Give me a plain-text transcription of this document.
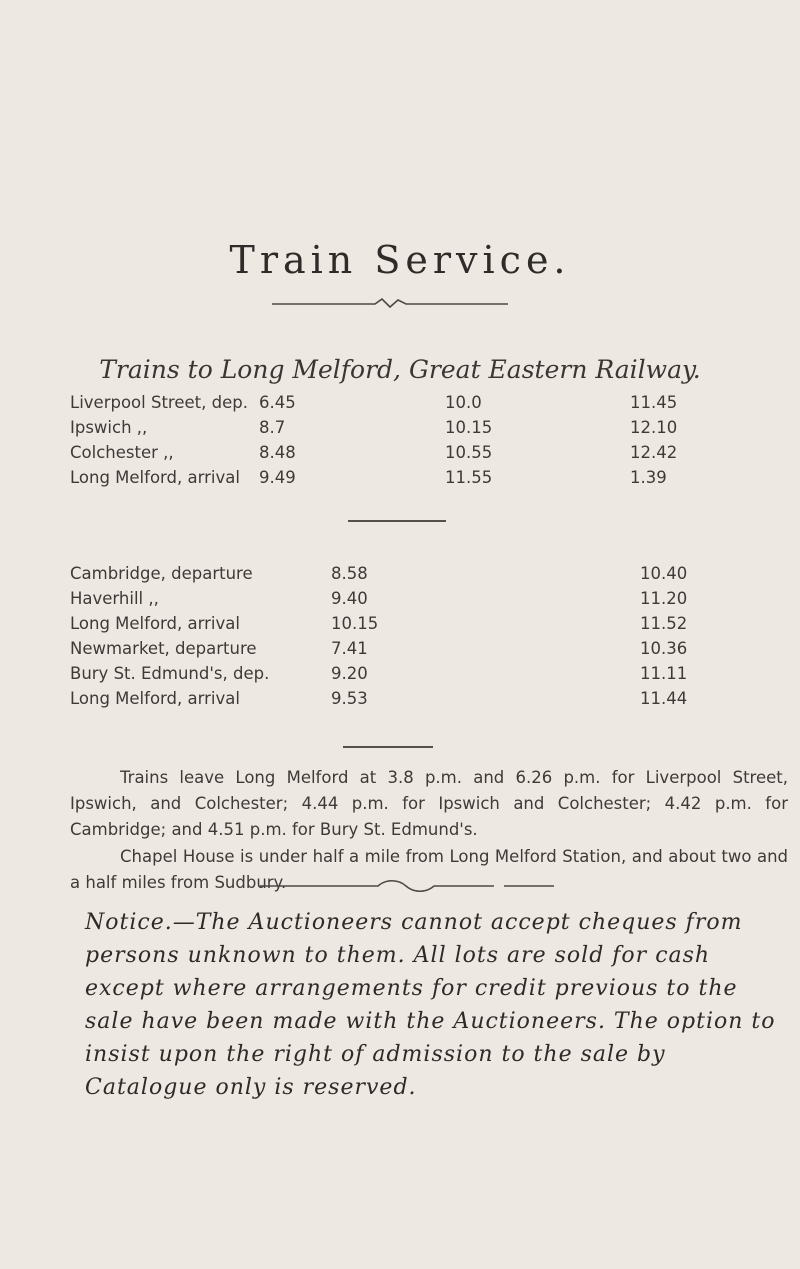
Train Service.
Trains to Long Melford, Great Eastern Railway.
Liverpool Street, dep. 6.45	10.0	11.45
Ipswich ,,	8.7	10.15	12.10
Colchester ,,	8.48	10.55	12.42
Long Melford, arrival 9.49	11.55	1.39
Cambridge, departure	8.58	10.40
Haverhill ,,	9.40	11.20
Long Melford, arrival	10.15	11.52
Newmarket, departure	7.41	10.36
Bury St. Edmund's, dep.	9.20	11.11
Long Melford, arrival	9.53	11.44
Trains leave Long Melford at 3.8 p.m. and 6.26 p.m. for Liverpool Street, Ipswich, and Colchester; 4.44 p.m. for Ipswich and Colchester; 4.42 p.m. for Cambridge; and 4.51 p.m. for Bury St. Edmund's.
Chapel House is under half a mile from Long Melford Station, and about two and a half miles from Sudbury.
Notice.—The Auctioneers cannot accept cheques from persons unknown to them. All lots are sold for cash except where arrangements for credit previous to the sale have been made with the Auctioneers. The option to insist upon the right of admission to the sale by Catalogue only is reserved.
